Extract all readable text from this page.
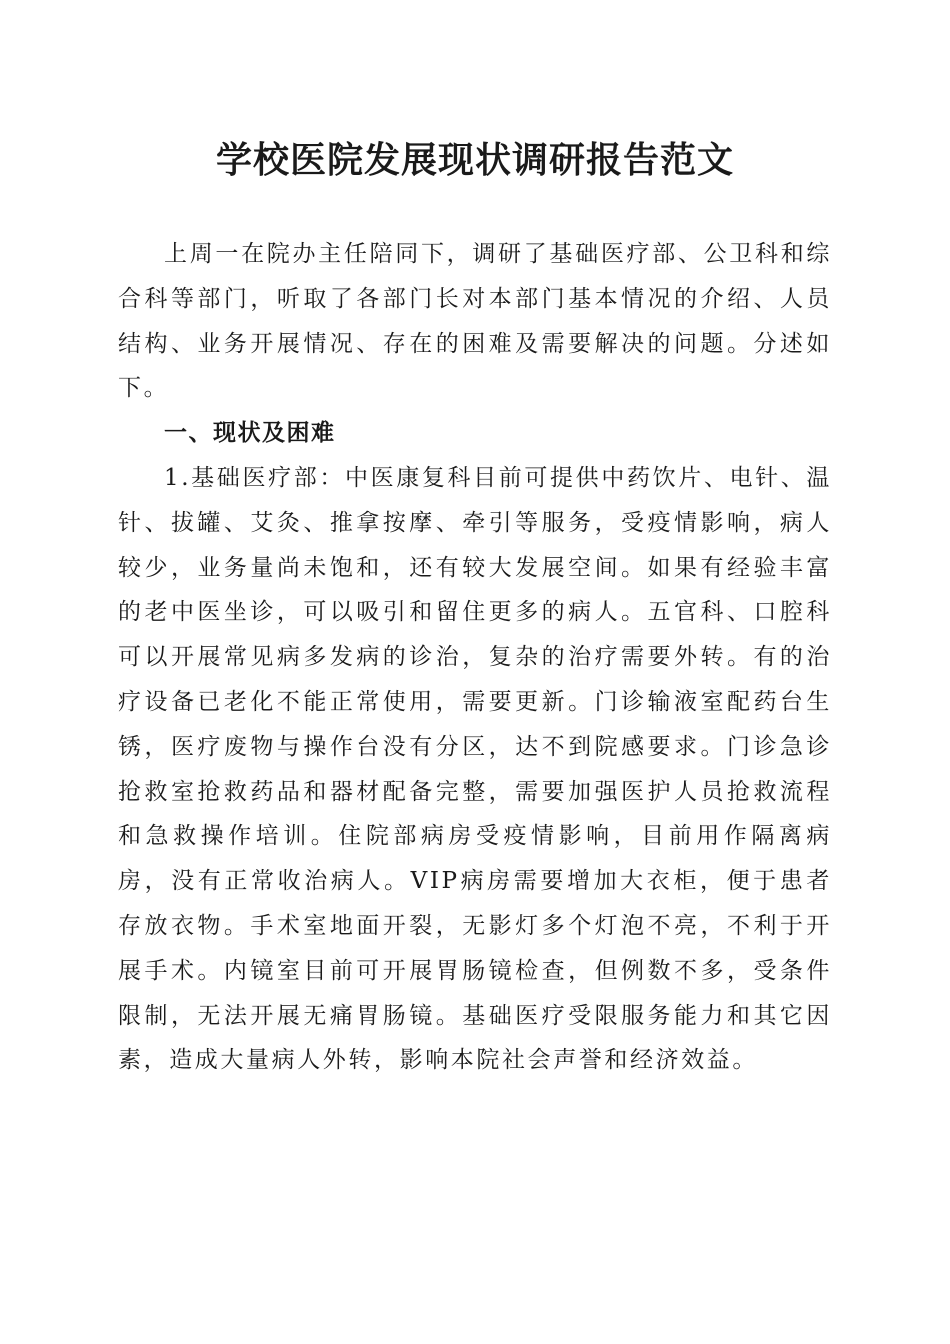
学校医院发展现状调研报告范文

上周一在院办主任陪同下，调研了基础医疗部、公卫科和综合科等部门，听取了各部门长对本部门基本情况的介绍、人员结构、业务开展情况、存在的困难及需要解决的问题。分述如下。

一、现状及困难

1.基础医疗部：中医康复科目前可提供中药饮片、电针、温针、拔罐、艾灸、推拿按摩、牵引等服务，受疫情影响，病人较少，业务量尚未饱和，还有较大发展空间。如果有经验丰富的老中医坐诊，可以吸引和留住更多的病人。五官科、口腔科可以开展常见病多发病的诊治，复杂的治疗需要外转。有的治疗设备已老化不能正常使用，需要更新。门诊输液室配药台生锈，医疗废物与操作台没有分区，达不到院感要求。门诊急诊抢救室抢救药品和器材配备完整，需要加强医护人员抢救流程和急救操作培训。住院部病房受疫情影响，目前用作隔离病房，没有正常收治病人。VIP病房需要增加大衣柜，便于患者存放衣物。手术室地面开裂，无影灯多个灯泡不亮，不利于开展手术。内镜室目前可开展胃肠镜检查，但例数不多，受条件限制，无法开展无痛胃肠镜。基础医疗受限服务能力和其它因素，造成大量病人外转，影响本院社会声誉和经济效益。
